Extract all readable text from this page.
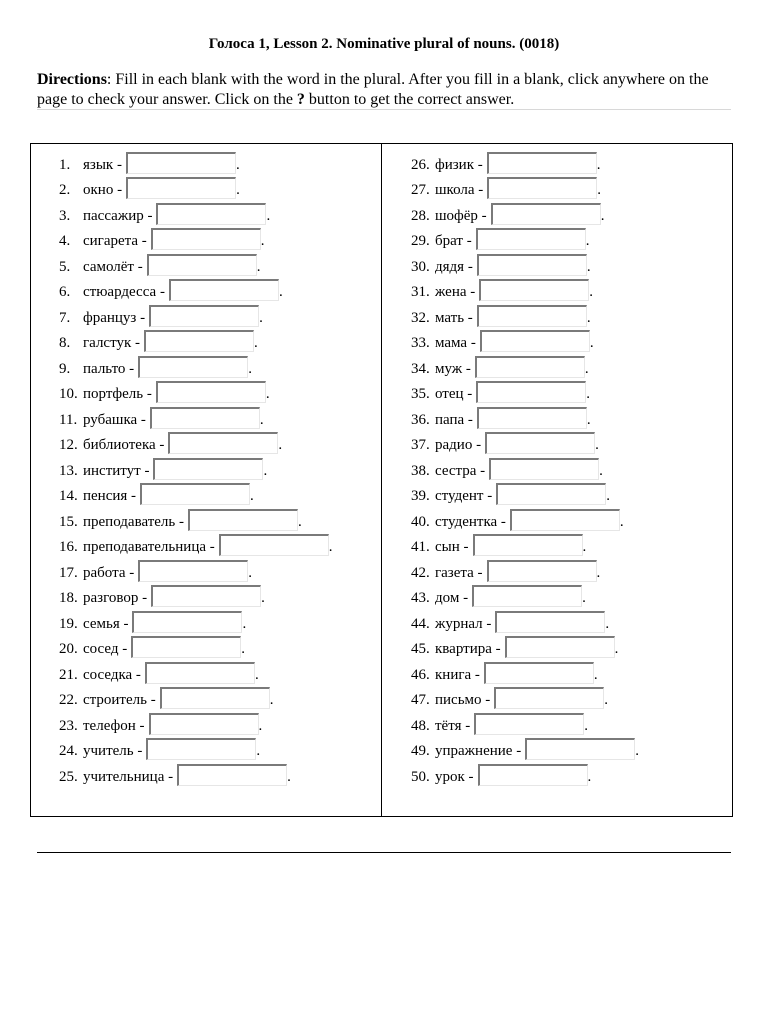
Голоса 1, Lesson 2. Nominative plural of nouns. (0018)
Directions: Fill in each blank with the word in the plural. After you fill in a blank, click anywhere on the page to check your answer. Click on the ? button to get the correct answer.
1. язык -	.
2. окно -	.
3. пассажир -	.
4. сигарета -	.
5. самолёт -	.
6. стюардесса -	.
7. француз -	.
8. галстук -	.
9. пальто -	.
10. портфель -	.
11. рубашка -	.
12. библиотека -	.
13. институт -	.
14. пенсия -	.
15. преподаватель -	.
16. преподавательница -	.
17. работа -	.
18. разговор -	.
19. семья -	.
20. сосед -	.
21. соседка -	.
22. строитель -	.
23. телефон -	.
24. учитель -	.
25. учительница -	.
26. физик -	.
27. школа -	.
28. шофёр -	.
29. брат -	.
30. дядя -	.
31. жена -	.
32. мать -	.
33. мама -	.
34. муж -	.
35. отец -	.
36. папа -	.
37. радио -	.
38. сестра -	.
39. студент -	.
40. студентка -	.
41. сын -	.
42. газета -	.
43. дом -	.
44. журнал -	.
45. квартира -	.
46. книга -	.
47. письмо -	.
48. тётя -	.
49. упражнение -	.
50. урок -	.
